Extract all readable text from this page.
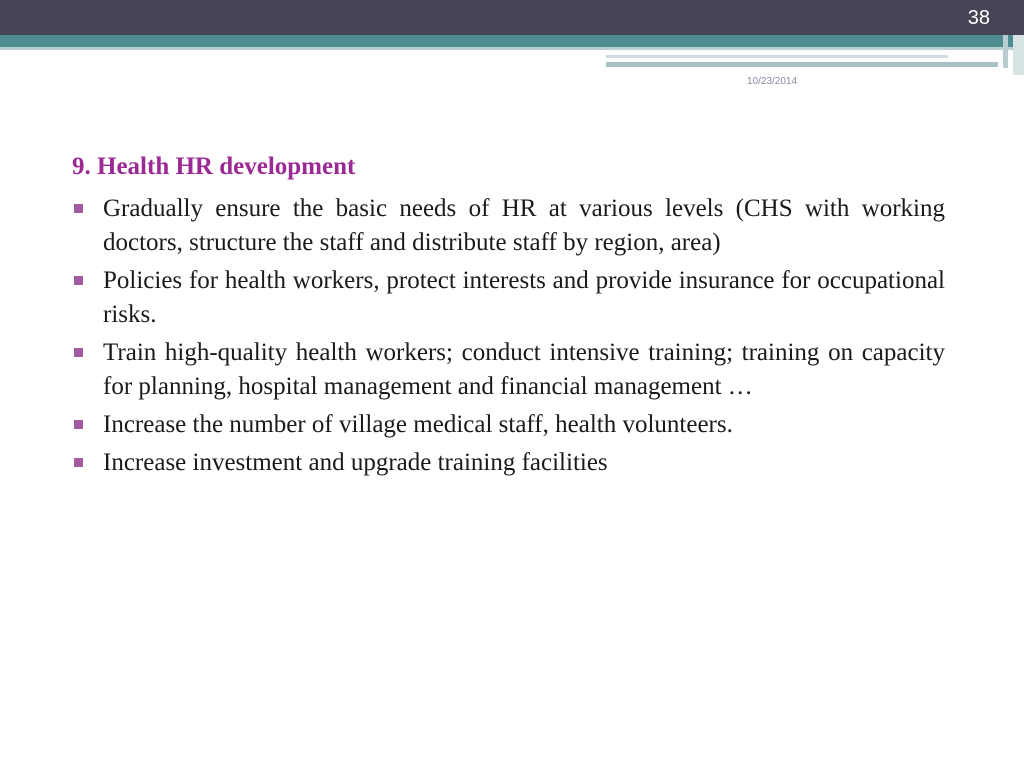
38
10/23/2014
9. Health HR development
Gradually ensure the basic needs of HR at various levels (CHS with working doctors, structure the staff and distribute staff by region, area)
Policies for health workers, protect interests and provide insurance for occupational risks.
Train high-quality health workers; conduct intensive training; training on capacity for planning, hospital management and financial management …
Increase the number of village medical staff, health volunteers.
Increase investment and upgrade training facilities
